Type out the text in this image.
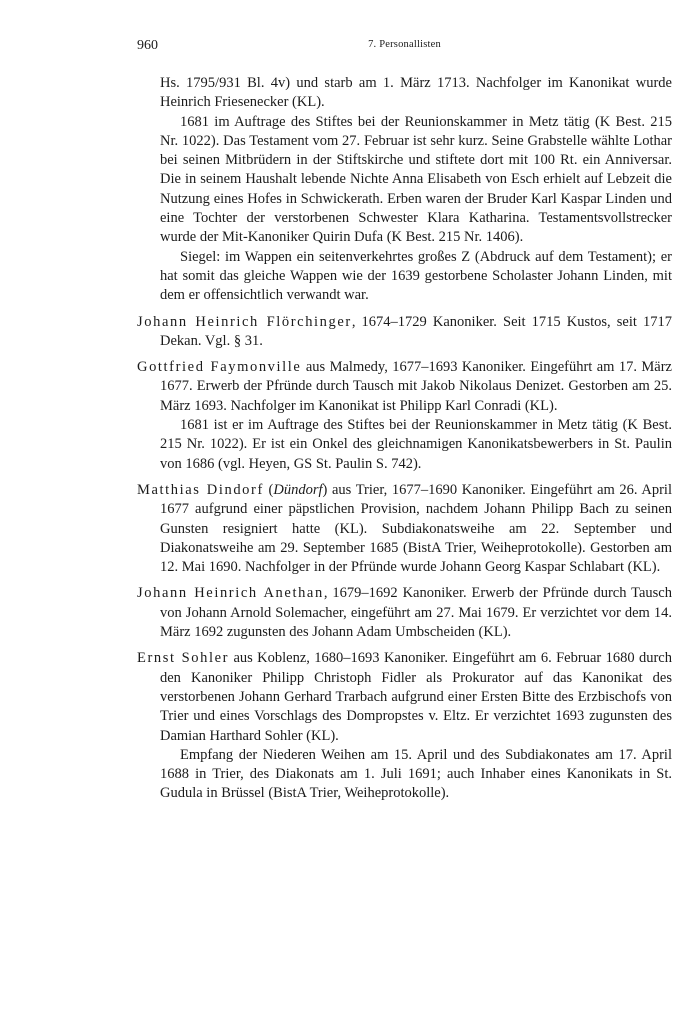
960	7. Personallisten

Hs. 1795/931 Bl. 4v) und starb am 1. März 1713. Nachfolger im Kanonikat wurde Heinrich Friesenecker (KL).

1681 im Auftrage des Stiftes bei der Reunionskammer in Metz tätig (K Best. 215 Nr. 1022). Das Testament vom 27. Februar ist sehr kurz. Seine Grabstelle wählte Lothar bei seinen Mitbrüdern in der Stiftskirche und stiftete dort mit 100 Rt. ein Anniversar. Die in seinem Haushalt lebende Nichte Anna Elisabeth von Esch erhielt auf Lebzeit die Nutzung eines Hofes in Schwickerath. Erben waren der Bruder Karl Kaspar Linden und eine Tochter der verstorbenen Schwester Klara Katharina. Testamentsvollstrecker wurde der Mit-Kanoniker Quirin Dufa (K Best. 215 Nr. 1406).

Siegel: im Wappen ein seitenverkehrtes großes Z (Abdruck auf dem Testament); er hat somit das gleiche Wappen wie der 1639 gestorbene Scholaster Johann Linden, mit dem er offensichtlich verwandt war.

Johann Heinrich Flörchinger, 1674–1729 Kanoniker. Seit 1715 Kustos, seit 1717 Dekan. Vgl. § 31.

Gottfried Faymonville aus Malmedy, 1677–1693 Kanoniker. Eingeführt am 17. März 1677. Erwerb der Pfründe durch Tausch mit Jakob Nikolaus Denizet. Gestorben am 25. März 1693. Nachfolger im Kanonikat ist Philipp Karl Conradi (KL).

1681 ist er im Auftrage des Stiftes bei der Reunionskammer in Metz tätig (K Best. 215 Nr. 1022). Er ist ein Onkel des gleichnamigen Kanonikatsbewerbers in St. Paulin von 1686 (vgl. Heyen, GS St. Paulin S. 742).

Matthias Dindorf (Dündorf) aus Trier, 1677–1690 Kanoniker. Eingeführt am 26. April 1677 aufgrund einer päpstlichen Provision, nachdem Johann Philipp Bach zu seinen Gunsten resigniert hatte (KL). Subdiakonatsweihe am 22. September und Diakonatsweihe am 29. September 1685 (BistA Trier, Weiheprotokolle). Gestorben am 12. Mai 1690. Nachfolger in der Pfründe wurde Johann Georg Kaspar Schlabart (KL).

Johann Heinrich Anethan, 1679–1692 Kanoniker. Erwerb der Pfründe durch Tausch von Johann Arnold Solemacher, eingeführt am 27. Mai 1679. Er verzichtet vor dem 14. März 1692 zugunsten des Johann Adam Umbscheiden (KL).

Ernst Sohler aus Koblenz, 1680–1693 Kanoniker. Eingeführt am 6. Februar 1680 durch den Kanoniker Philipp Christoph Fidler als Prokurator auf das Kanonikat des verstorbenen Johann Gerhard Trarbach aufgrund einer Ersten Bitte des Erzbischofs von Trier und eines Vorschlags des Dompropstes v. Eltz. Er verzichtet 1693 zugunsten des Damian Harthard Sohler (KL).

Empfang der Niederen Weihen am 15. April und des Subdiakonates am 17. April 1688 in Trier, des Diakonats am 1. Juli 1691; auch Inhaber eines Kanonikats in St. Gudula in Brüssel (BistA Trier, Weiheprotokolle).
